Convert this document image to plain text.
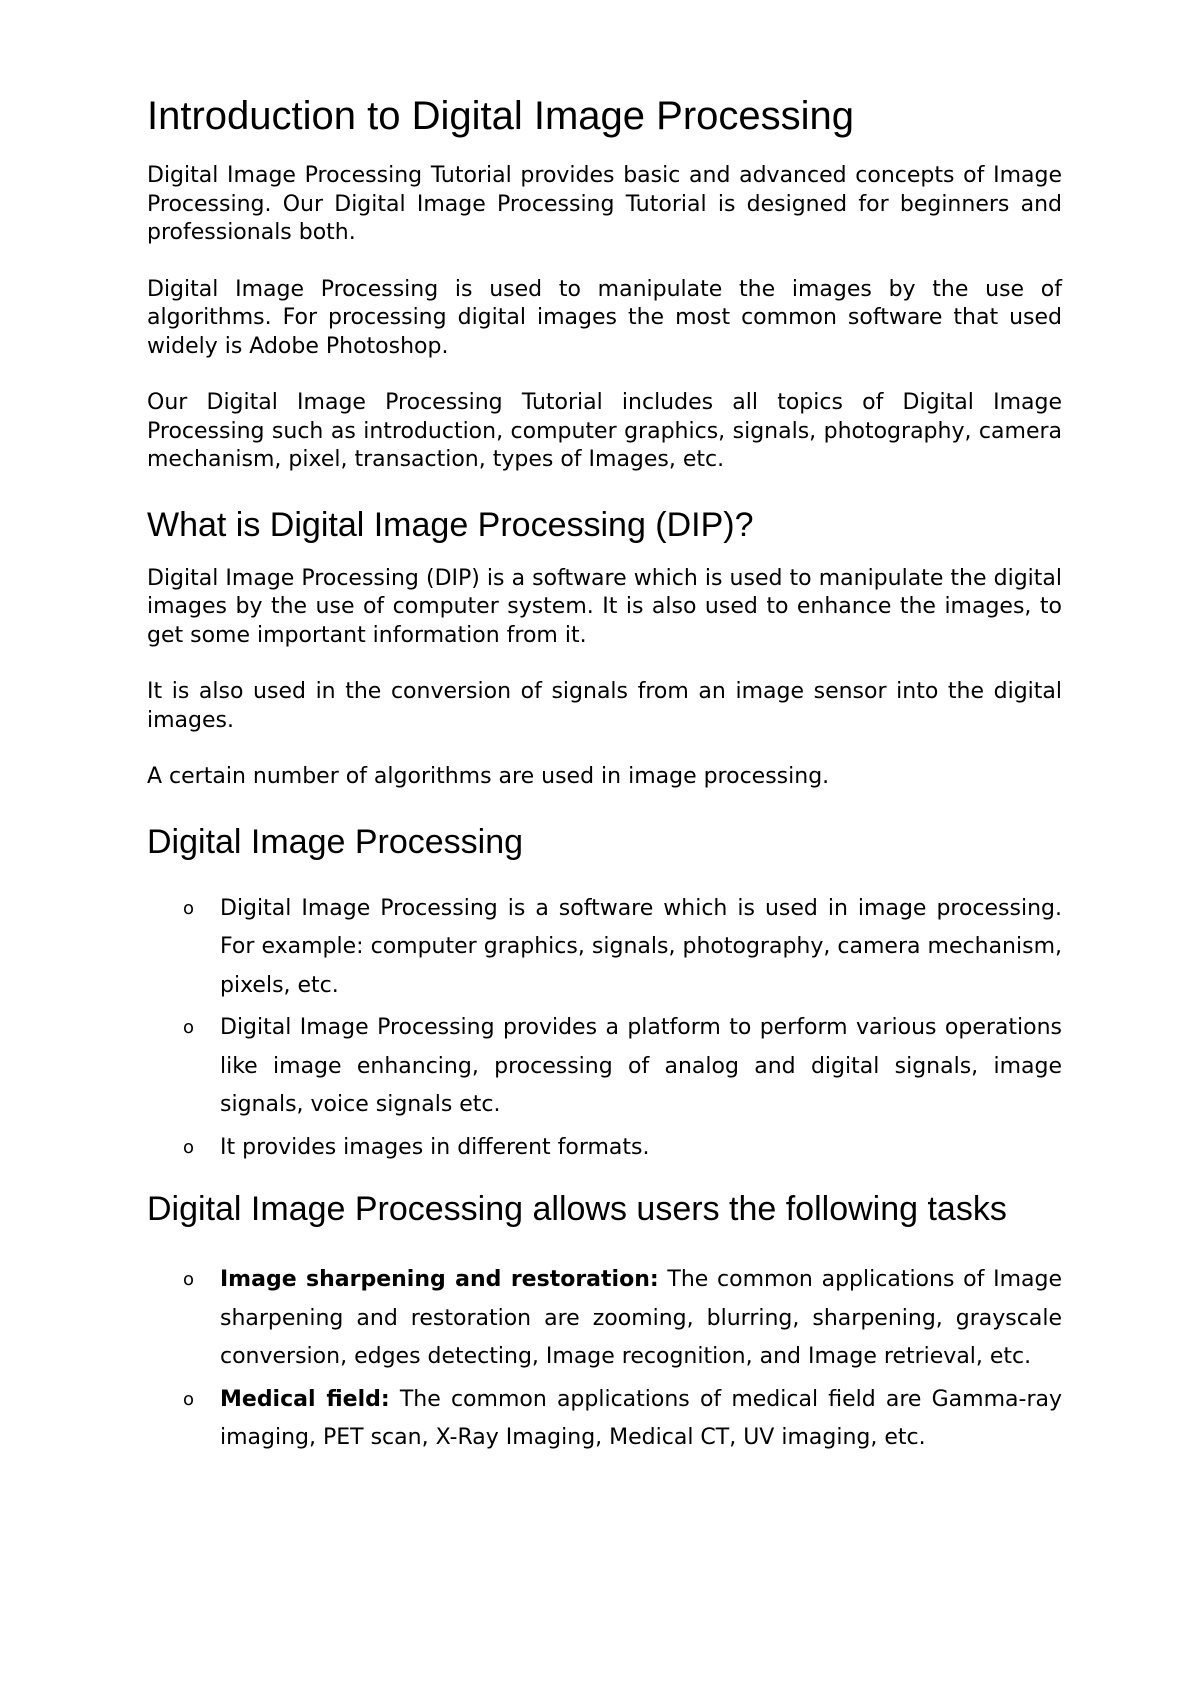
Introduction to Digital Image Processing

Digital Image Processing Tutorial provides basic and advanced concepts of Image Processing. Our Digital Image Processing Tutorial is designed for beginners and professionals both.

Digital Image Processing is used to manipulate the images by the use of algorithms. For processing digital images the most common software that used widely is Adobe Photoshop.

Our Digital Image Processing Tutorial includes all topics of Digital Image Processing such as introduction, computer graphics, signals, photography, camera mechanism, pixel, transaction, types of Images, etc.

What is Digital Image Processing (DIP)?

Digital Image Processing (DIP) is a software which is used to manipulate the digital images by the use of computer system. It is also used to enhance the images, to get some important information from it.

It is also used in the conversion of signals from an image sensor into the digital images.

A certain number of algorithms are used in image processing.

Digital Image Processing
o Digital Image Processing is a software which is used in image processing. For example: computer graphics, signals, photography, camera mechanism, pixels, etc.
o Digital Image Processing provides a platform to perform various operations like image enhancing, processing of analog and digital signals, image signals, voice signals etc.
o It provides images in different formats.
Digital Image Processing allows users the following tasks
o Image sharpening and restoration: The common applications of Image sharpening and restoration are zooming, blurring, sharpening, grayscale conversion, edges detecting, Image recognition, and Image retrieval, etc.
o Medical field: The common applications of medical field are Gamma-ray imaging, PET scan, X-Ray Imaging, Medical CT, UV imaging, etc.
